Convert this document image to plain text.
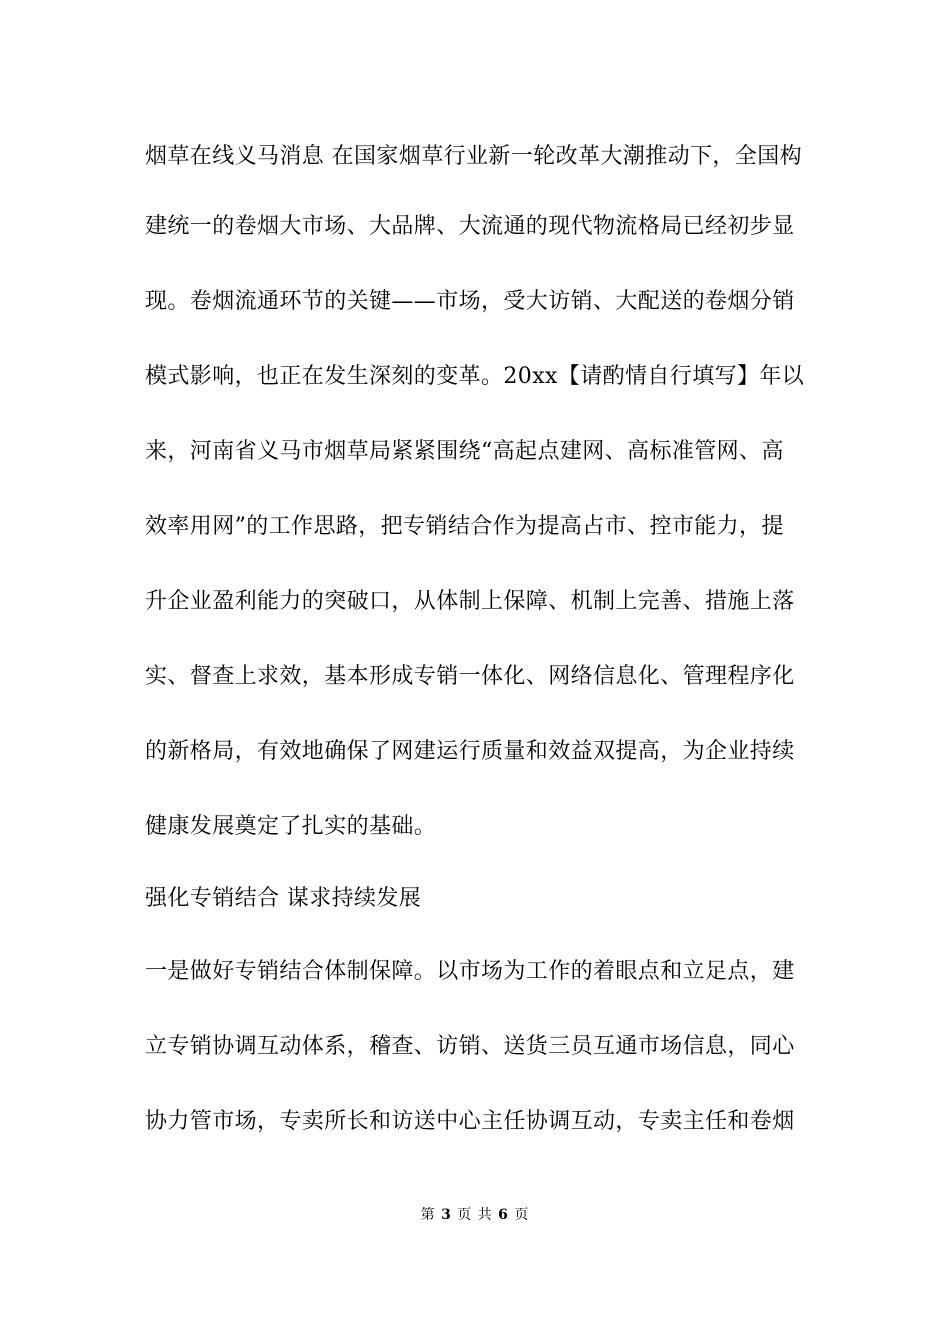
烟草在线义马消息 在国家烟草行业新一轮改革大潮推动下，全国构
建统一的卷烟大市场、大品牌、大流通的现代物流格局已经初步显
现。卷烟流通环节的关键——市场，受大访销、大配送的卷烟分销
模式影响，也正在发生深刻的变革。20xx【请酌情自行填写】年以
来，河南省义马市烟草局紧紧围绕“高起点建网、高标准管网、高
效率用网”的工作思路，把专销结合作为提高占市、控市能力，提
升企业盈利能力的突破口，从体制上保障、机制上完善、措施上落
实、督查上求效，基本形成专销一体化、网络信息化、管理程序化
的新格局，有效地确保了网建运行质量和效益双提高，为企业持续
健康发展奠定了扎实的基础。
强化专销结合 谋求持续发展
一是做好专销结合体制保障。以市场为工作的着眼点和立足点，建
立专销协调互动体系，稽查、访销、送货三员互通市场信息，同心
协力管市场，专卖所长和访送中心主任协调互动，专卖主任和卷烟
第 3 页 共 6 页
